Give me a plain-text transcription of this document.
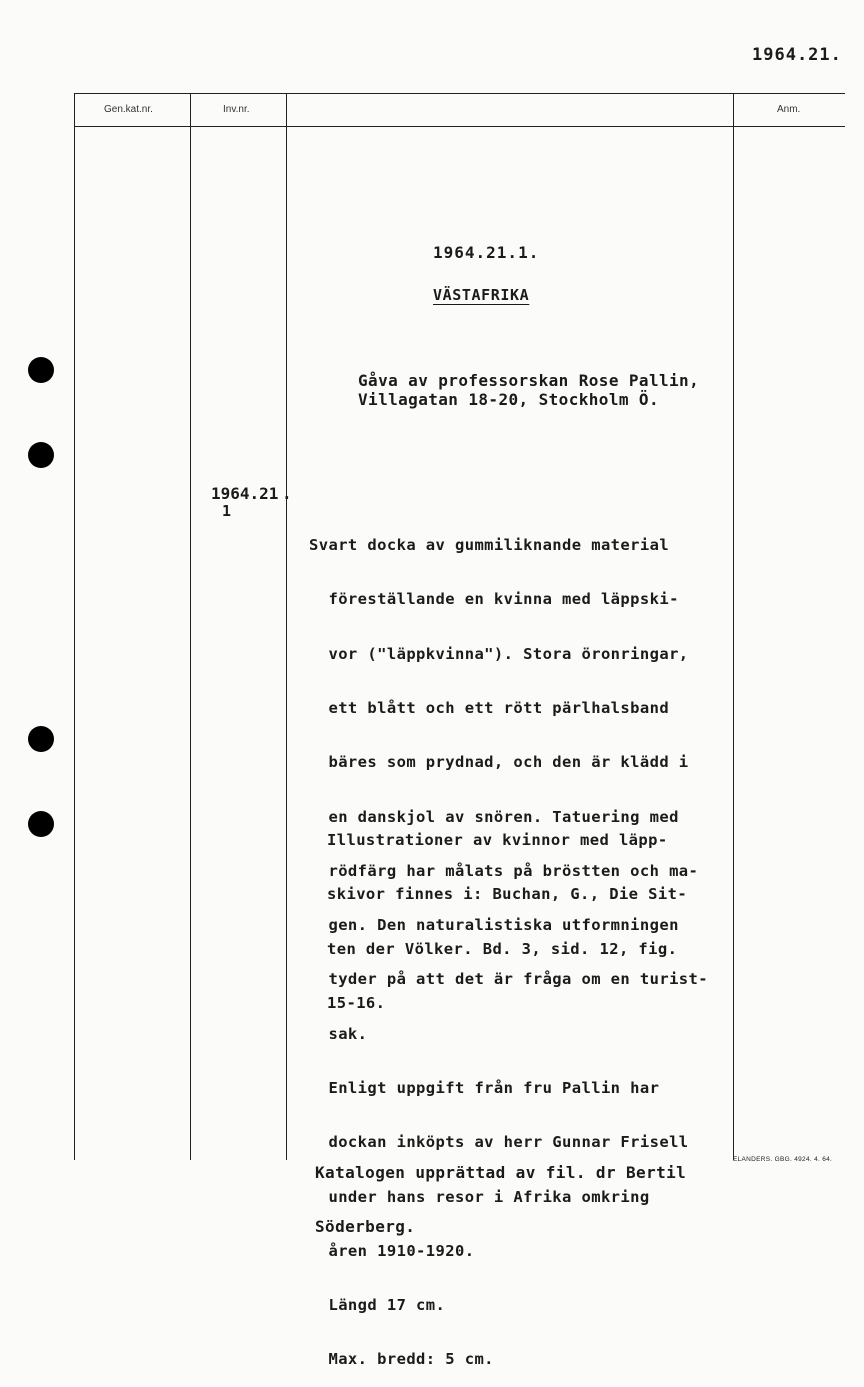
1964.21.
Gen.kat.nr.	Inv.nr.	Anm.
1964.21.1.
VÄSTAFRIKA
Gåva av professorskan Rose Pallin,
Villagatan 18-20, Stockholm Ö.
1964.21
1
.

Svart docka av gummiliknande material

föreställande en kvinna med läppski-

vor ("läppkvinna"). Stora öronringar,

ett blått och ett rött pärlhalsband

bäres som prydnad, och den är klädd i

en danskjol av snören. Tatuering med

rödfärg har målats på bröstten och ma-

gen. Den naturalistiska utformningen

tyder på att det är fråga om en turist-

sak.

Enligt uppgift från fru Pallin har

dockan inköpts av herr Gunnar Frisell

under hans resor i Afrika omkring

åren 1910-1920.

Längd 17 cm.

Max. bredd: 5 cm.

Illustrationer av kvinnor med läpp-

skivor finnes i: Buchan, G., Die Sit-

ten der Völker. Bd. 3, sid. 12, fig.

15-16.

Katalogen upprättad av fil. dr Bertil

Söderberg.

ELANDERS. GBG. 4924. 4. 64.
